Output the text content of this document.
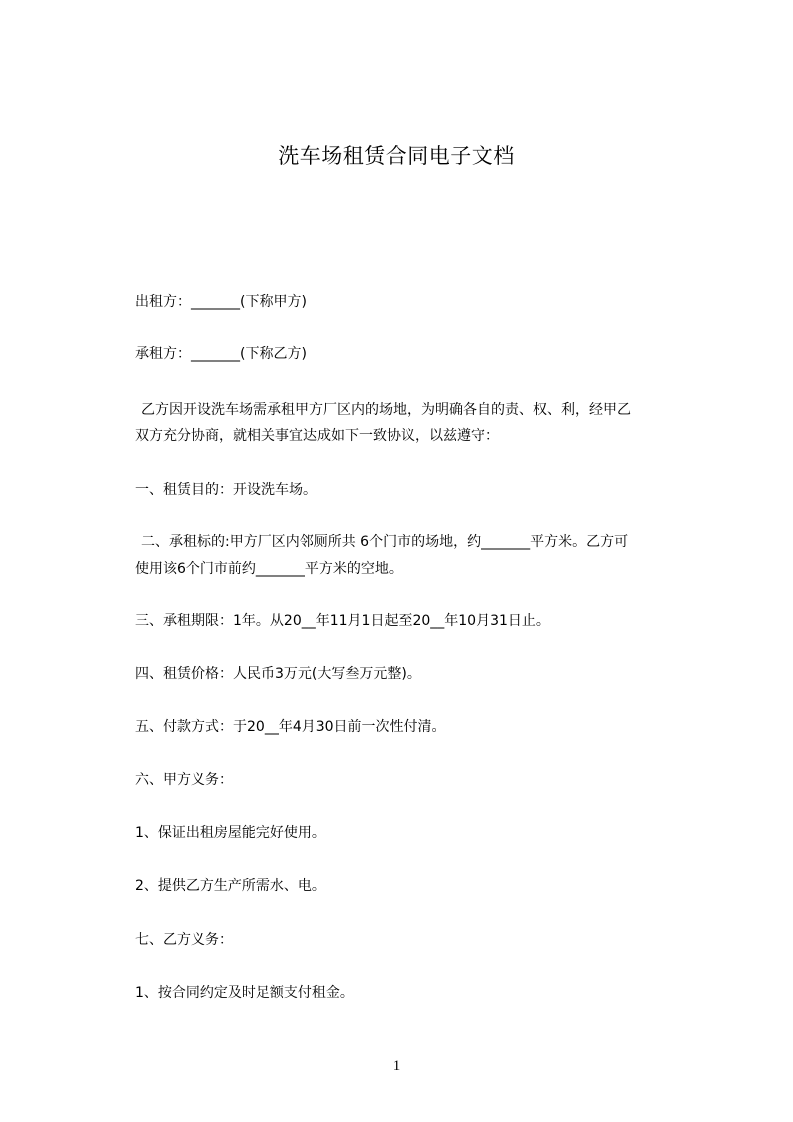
洗车场租赁合同电子文档
出租方：_______(下称甲方)
承租方：_______(下称乙方)
乙方因开设洗车场需承租甲方厂区内的场地，为明确各自的责、权、利，经甲乙
双方充分协商，就相关事宜达成如下一致协议，以兹遵守：
一、租赁目的：开设洗车场。
二、承租标的:甲方厂区内邻厕所共 6个门市的场地，约_______平方米。乙方可
使用该6个门市前约_______平方米的空地。
三、承租期限：1年。从20__年11月1日起至20__年10月31日止。
四、租赁价格：人民币3万元(大写叁万元整)。
五、付款方式：于20__年4月30日前一次性付清。
六、甲方义务：
1、保证出租房屋能完好使用。
2、提供乙方生产所需水、电。
七、乙方义务：
1、按合同约定及时足额支付租金。
1
